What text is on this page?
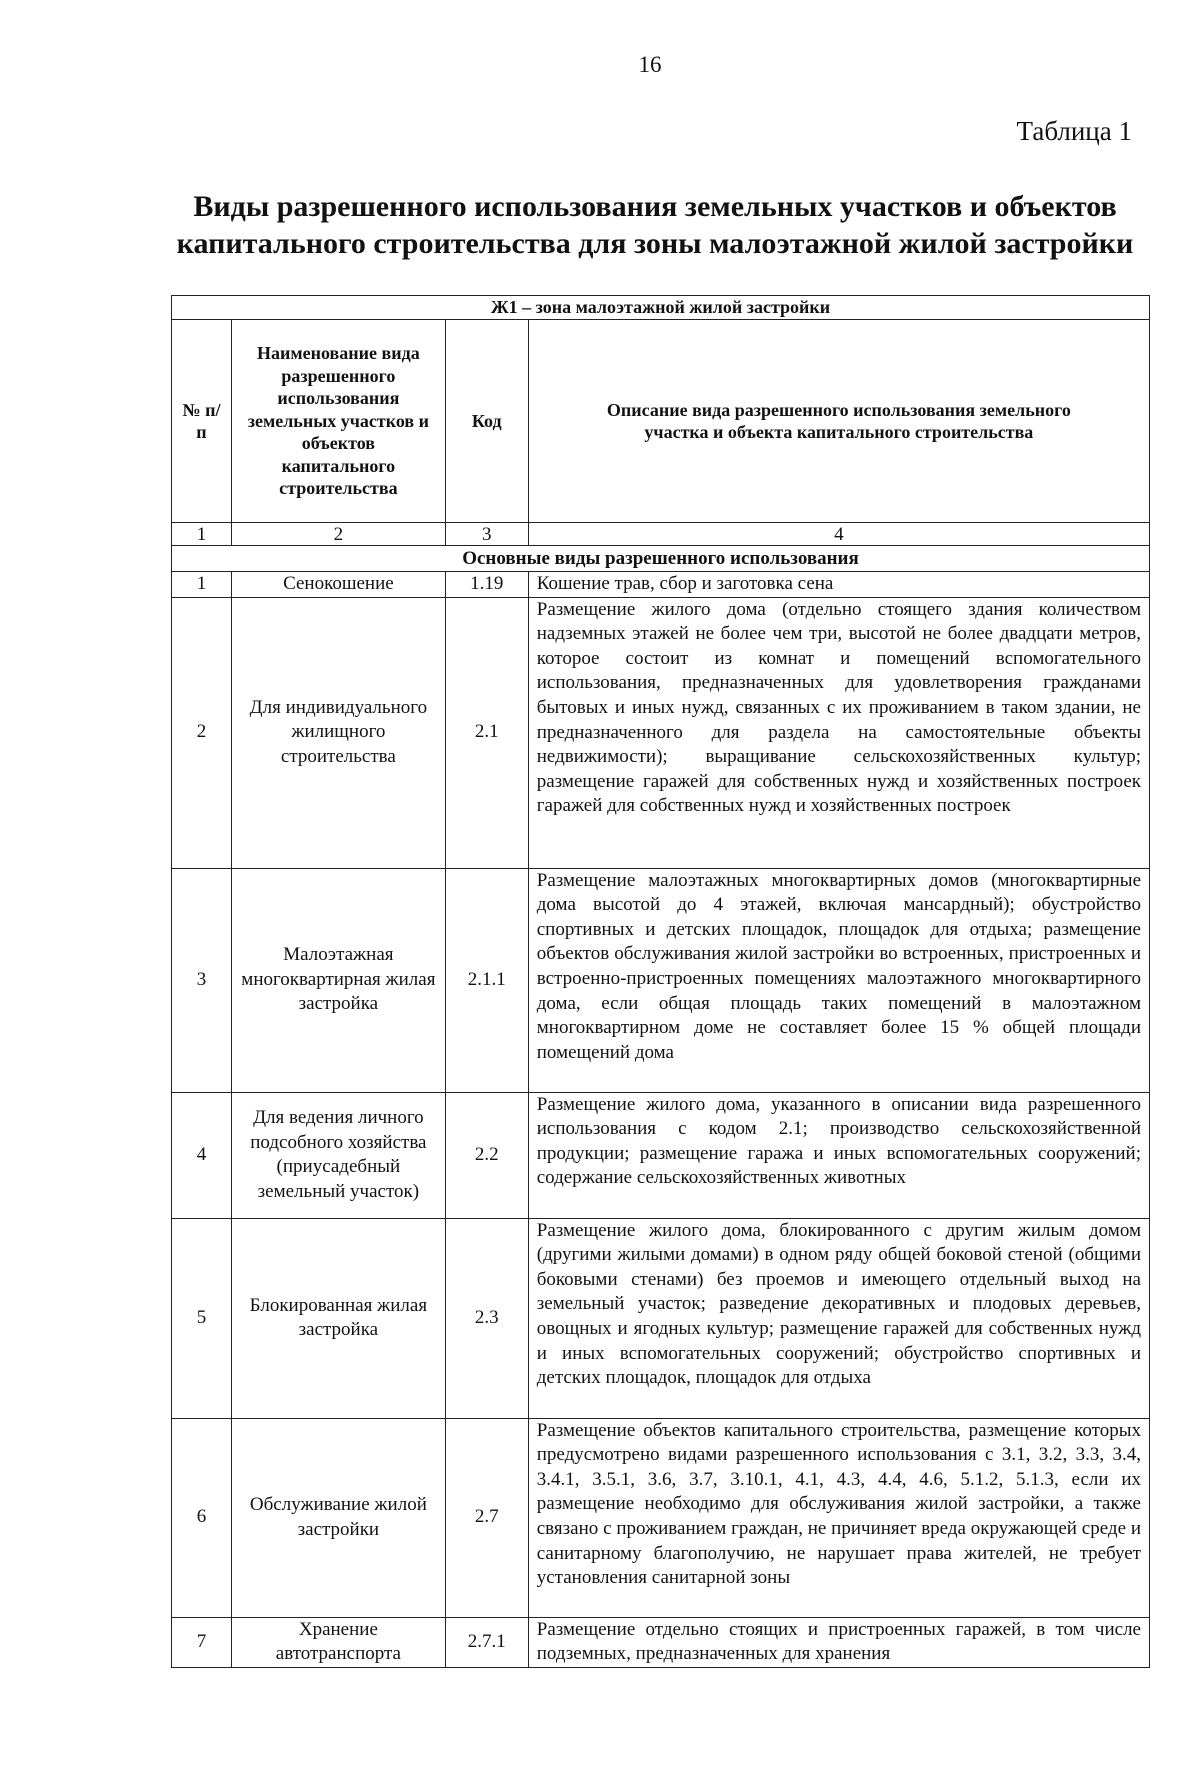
16
Таблица 1
Виды разрешенного использования земельных участков и объектов капитального строительства для зоны малоэтажной жилой застройки
Ж1 – зона малоэтажной жилой застройки			
№ п/п	Наименование вида разрешенного использования земельных участков и объектов капитального строительства	Код	Описание вида разрешенного использования земельного участка и объекта капитального строительства
1	2	3	4
Основные виды разрешенного использования			
1	Сенокошение	1.19	Кошение трав, сбор и заготовка сена
2	Для индивидуального жилищного строительства	2.1	Размещение жилого дома (отдельно стоящего здания количеством надземных этажей не более чем три, высотой не более двадцати метров, которое состоит из комнат и помещений вспомогательного использования, предназначенных для удовлетворения гражданами бытовых и иных нужд, связанных с их проживанием в таком здании, не предназначенного для раздела на самостоятельные объекты недвижимости); выращивание сельскохозяйственных культур; размещение гаражей для собственных нужд и хозяйственных построек гаражей для собственных нужд и хозяйственных построек
3	Малоэтажная многоквартирная жилая застройка	2.1.1	Размещение малоэтажных многоквартирных домов (многоквартирные дома высотой до 4 этажей, включая мансардный); обустройство спортивных и детских площадок, площадок для отдыха; размещение объектов обслуживания жилой застройки во встроенных, пристроенных и встроенно-пристроенных помещениях малоэтажного многоквартирного дома, если общая площадь таких помещений в малоэтажном многоквартирном доме не составляет более 15 % общей площади помещений дома
4	Для ведения личного подсобного хозяйства (приусадебный земельный участок)	2.2	Размещение жилого дома, указанного в описании вида разрешенного использования с кодом 2.1; производство сельскохозяйственной продукции; размещение гаража и иных вспомогательных сооружений; содержание сельскохозяйственных животных
5	Блокированная жилая застройка	2.3	Размещение жилого дома, блокированного с другим жилым домом (другими жилыми домами) в одном ряду общей боковой стеной (общими боковыми стенами) без проемов и имеющего отдельный выход на земельный участок; разведение декоративных и плодовых деревьев, овощных и ягодных культур; размещение гаражей для собственных нужд и иных вспомогательных сооружений; обустройство спортивных и детских площадок, площадок для отдыха
6	Обслуживание жилой застройки	2.7	Размещение объектов капитального строительства, размещение которых предусмотрено видами разрешенного использования с 3.1, 3.2, 3.3, 3.4, 3.4.1, 3.5.1, 3.6, 3.7, 3.10.1, 4.1, 4.3, 4.4, 4.6, 5.1.2, 5.1.3, если их размещение необходимо для обслуживания жилой застройки, а также связано с проживанием граждан, не причиняет вреда окружающей среде и санитарному благополучию, не нарушает права жителей, не требует установления санитарной зоны
7	Хранение автотранспорта	2.7.1	Размещение отдельно стоящих и пристроенных гаражей, в том числе подземных, предназначенных для хранения
